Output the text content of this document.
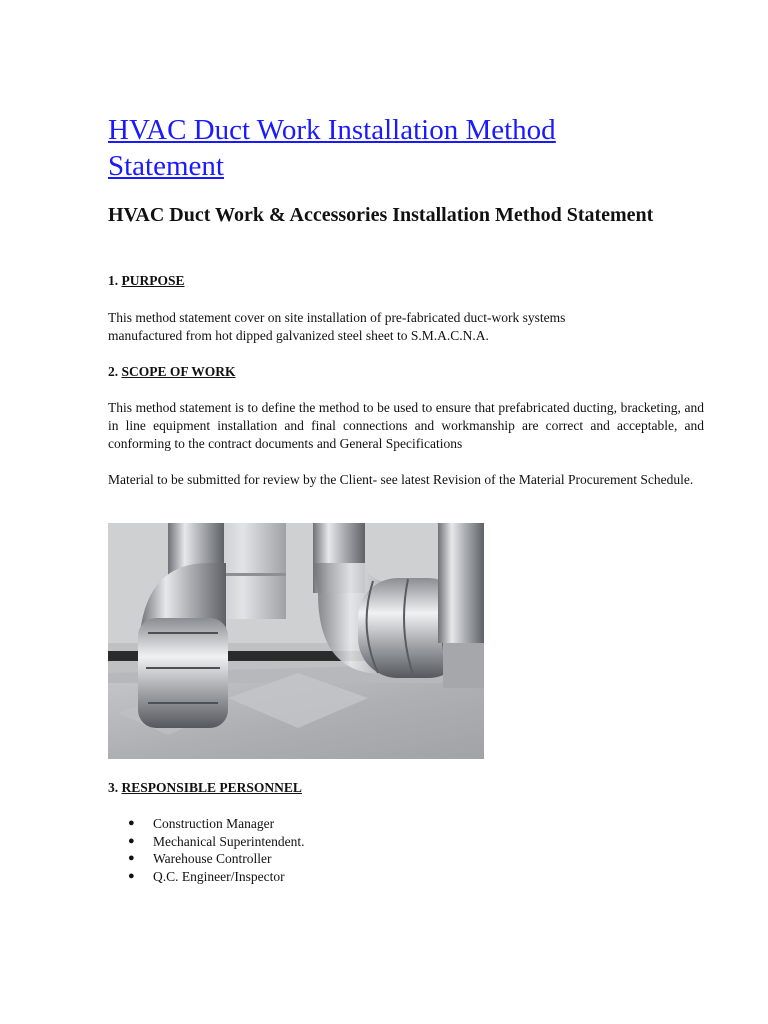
HVAC Duct Work Installation Method Statement
HVAC Duct Work & Accessories Installation Method Statement

1. PURPOSE

This method statement cover on site installation of pre-fabricated duct-work systems manufactured from hot dipped galvanized steel sheet to S.M.A.C.N.A.

2. SCOPE OF WORK

This method statement is to define the method to be used to ensure that prefabricated ducting, bracketing, and in line equipment installation and final connections and workmanship are correct and acceptable, and conforming to the contract documents and General Specifications

Material to be submitted for review by the Client- see latest Revision of the Material Procurement Schedule.

3. RESPONSIBLE PERSONNEL

●	Construction Manager
●	Mechanical Superintendent.
●	Warehouse Controller
●	Q.C. Engineer/Inspector
